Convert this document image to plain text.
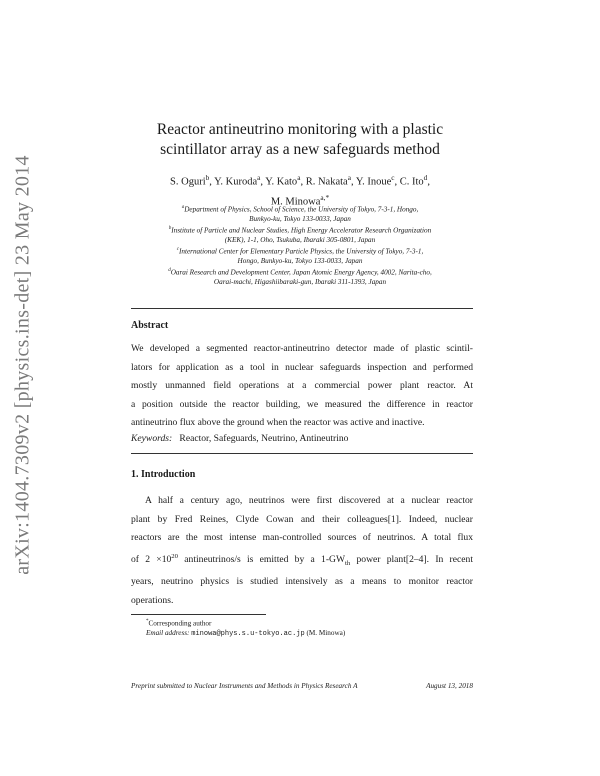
arXiv:1404.7309v2 [physics.ins-det] 23 May 2014
Reactor antineutrino monitoring with a plastic
scintillator array as a new safeguards method
S. Oguri$^b$, Y. Kuroda$^a$, Y. Kato$^a$, R. Nakata$^a$, Y. Inoue$^c$, C. Ito$^d$,
M. Minowa$^{a,*}$
$^a$Department of Physics, School of Science, the University of Tokyo, 7-3-1, Hongo,
Bunkyo-ku, Tokyo 133-0033, Japan
$^b$Institute of Particle and Nuclear Studies, High Energy Accelerator Research Organization
(KEK), 1-1, Oho, Tsukuba, Ibaraki 305-0801, Japan
$^c$International Center for Elementary Particle Physics, the University of Tokyo, 7-3-1,
Hongo, Bunkyo-ku, Tokyo 133-0033, Japan
$^d$Oarai Research and Development Center, Japan Atomic Energy Agency, 4002, Narita-cho,
Oarai-machi, Higashiibaraki-gun, Ibaraki 311-1393, Japan
Abstract
We developed a segmented reactor-antineutrino detector made of plastic scintil-
lators for application as a tool in nuclear safeguards inspection and performed
mostly unmanned field operations at a commercial power plant reactor. At
a position outside the reactor building, we measured the difference in reactor
antineutrino flux above the ground when the reactor was active and inactive.
Keywords: Reactor, Safeguards, Neutrino, Antineutrino
1. Introduction
A half a century ago, neutrinos were first discovered at a nuclear reactor
plant by Fred Reines, Clyde Cowan and their colleagues[1]. Indeed, nuclear
reactors are the most intense man-controlled sources of neutrinos. A total flux
of $2 \times 10^{20}$ antineutrinos/s is emitted by a $1-GW_{th}$ power plant[2–4]. In recent
years, neutrino physics is studied intensively as a means to monitor reactor
operations.
*Corresponding author
Email address: minowa@phys.s.u-tokyo.ac.jp (M. Minowa)
Preprint submitted to Nuclear Instruments and Methods in Physics Research A	August 13, 2018
